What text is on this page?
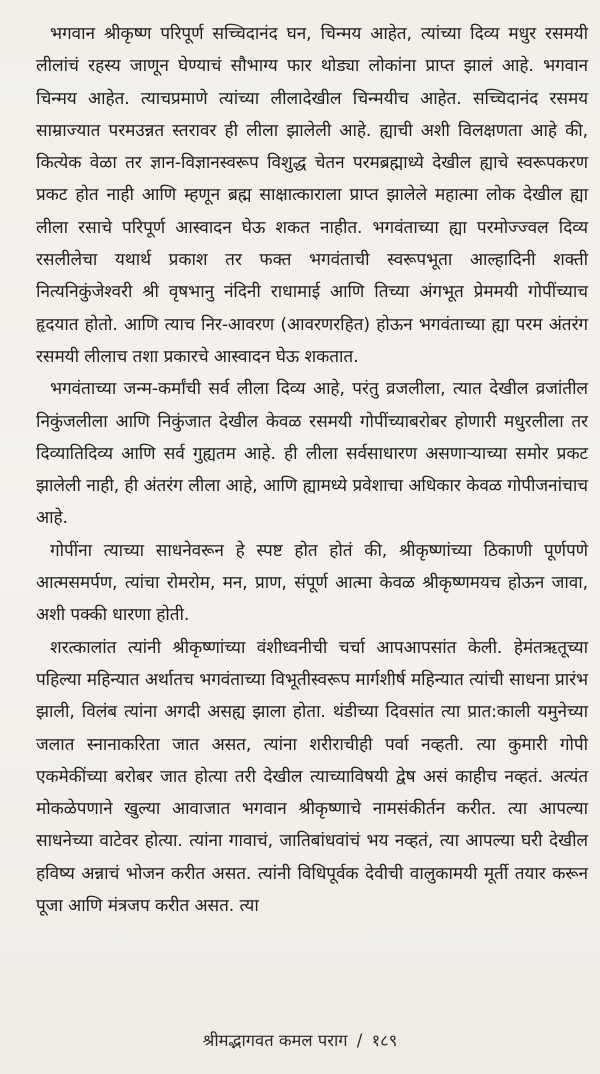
भगवान श्रीकृष्ण परिपूर्ण सच्चिदानंद घन, चिन्मय आहेत, त्यांच्या दिव्य मधुर रसमयी लीलांचं रहस्य जाणून घेण्याचं सौभाग्य फार थोड्या लोकांना प्राप्त झालं आहे. भगवान चिन्मय आहेत. त्याचप्रमाणे त्यांच्या लीलादेखील चिन्मयीच आहेत. सच्चिदानंद रसमय साम्राज्यात परमउन्नत स्तरावर ही लीला झालेली आहे. ह्याची अशी विलक्षणता आहे की, कित्येक वेळा तर ज्ञान-विज्ञानस्वरूप विशुद्ध चेतन परमब्रह्माध्ये देखील ह्याचे स्वरूपकरण प्रकट होत नाही आणि म्हणून ब्रह्म साक्षात्काराला प्राप्त झालेले महात्मा लोक देखील ह्या लीला रसाचे परिपूर्ण आस्वादन घेऊ शकत नाहीत. भगवंताच्या ह्या परमोज्ज्वल दिव्य रसलीलेचा यथार्थ प्रकाश तर फक्त भगवंताची स्वरूपभूता आल्हादिनी शक्ती नित्यनिकुंजेश्वरी श्री वृषभानु नंदिनी राधामाई आणि तिच्या अंगभूत प्रेममयी गोपींच्याच हृदयात होतो. आणि त्याच निर-आवरण (आवरणरहित) होऊन भगवंताच्या ह्या परम अंतरंग रसमयी लीलाच तशा प्रकारचे आस्वादन घेऊ शकतात.

भगवंताच्या जन्म-कर्मांची सर्व लीला दिव्य आहे, परंतु व्रजलीला, त्यात देखील व्रजांतील निकुंजलीला आणि निकुंजात देखील केवळ रसमयी गोपींच्याबरोबर होणारी मधुरलीला तर दिव्यातिदिव्य आणि सर्व गुह्यतम आहे. ही लीला सर्वसाधारण असणाऱ्याच्या समोर प्रकट झालेली नाही, ही अंतरंग लीला आहे, आणि ह्यामध्ये प्रवेशाचा अधिकार केवळ गोपीजनांचाच आहे.

गोपींना त्याच्या साधनेवरून हे स्पष्ट होत होतं की, श्रीकृष्णांच्या ठिकाणी पूर्णपणे आत्मसमर्पण, त्यांचा रोमरोम, मन, प्राण, संपूर्ण आत्मा केवळ श्रीकृष्णमयच होऊन जावा, अशी पक्की धारणा होती.

शरत्कालांत त्यांनी श्रीकृष्णांच्या वंशीध्वनीची चर्चा आपआपसांत केली. हेमंतऋतूच्या पहिल्या महिन्यात अर्थातच भगवंताच्या विभूतीस्वरूप मार्गशीर्ष महिन्यात त्यांची साधना प्रारंभ झाली, विलंब त्यांना अगदी असह्य झाला होता. थंडीच्या दिवसांत त्या प्रात:काली यमुनेच्या जलात स्नानाकरिता जात असत, त्यांना शरीराचीही पर्वा नव्हती. त्या कुमारी गोपी एकमेकींच्या बरोबर जात होत्या तरी देखील त्याच्याविषयी द्वेष असं काहीच नव्हतं. अत्यंत मोकळेपणाने खुल्या आवाजात भगवान श्रीकृष्णाचे नामसंकीर्तन करीत. त्या आपल्या साधनेच्या वाटेवर होत्या. त्यांना गावाचं, जातिबांधवांचं भय नव्हतं, त्या आपल्या घरी देखील हविष्य अन्नाचं भोजन करीत असत. त्यांनी विधिपूर्वक देवीची वालुकामयी मूर्ती तयार करून पूजा आणि मंत्रजप करीत असत. त्या

श्रीमद्भागवत कमल पराग / १८९
